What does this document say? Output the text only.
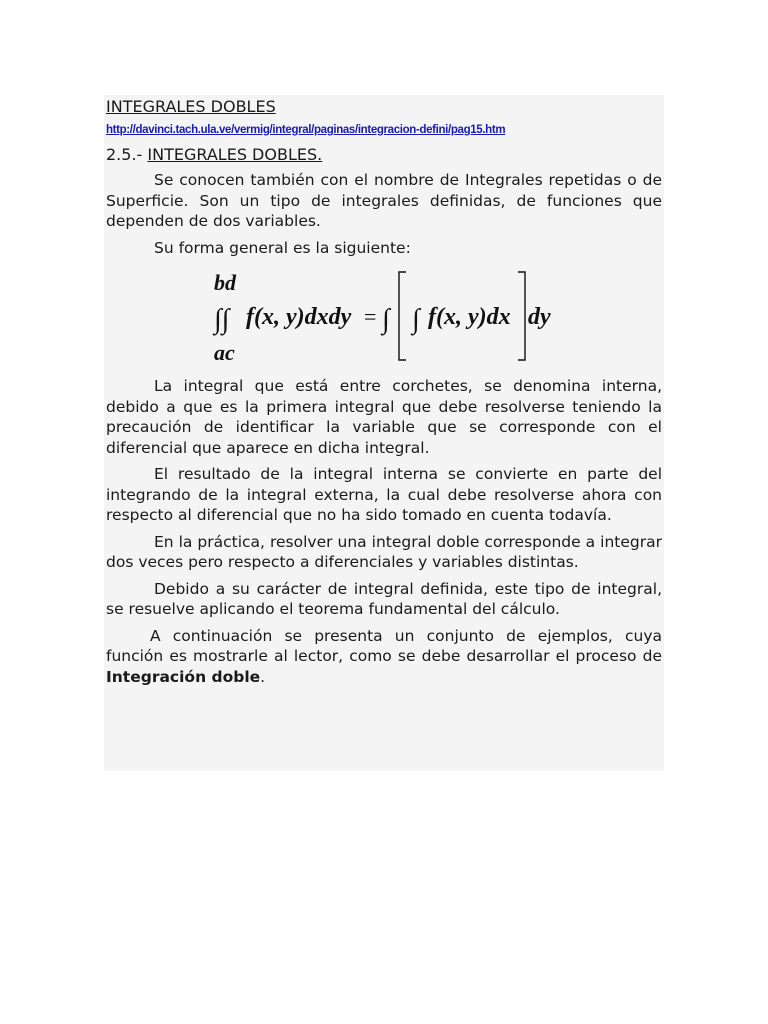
INTEGRALES DOBLES
http://davinci.tach.ula.ve/vermig/integral/paginas/integracion-defini/pag15.htm
2.5.- INTEGRALES DOBLES.

Se conocen también con el nombre de Integrales repetidas o de Superficie. Son un tipo de integrales definidas, de funciones que dependen de dos variables.

Su forma general es la siguiente:

bd
ac
∫∫ f(x, y)dxdy = ∫ ∫ f(x, y)dx dy

La integral que está entre corchetes, se denomina interna, debido a que es la primera integral que debe resolverse teniendo la precaución de identificar la variable que se corresponde con el diferencial que aparece en dicha integral.

El resultado de la integral interna se convierte en parte del integrando de la integral externa, la cual debe resolverse ahora con respecto al diferencial que no ha sido tomado en cuenta todavía.

En la práctica, resolver una integral doble corresponde a integrar dos veces pero respecto a diferenciales y variables distintas.

Debido a su carácter de integral definida, este tipo de integral, se resuelve aplicando el teorema fundamental del cálculo.

A continuación se presenta un conjunto de ejemplos, cuya función es mostrarle al lector, como se debe desarrollar el proceso de Integración doble.
